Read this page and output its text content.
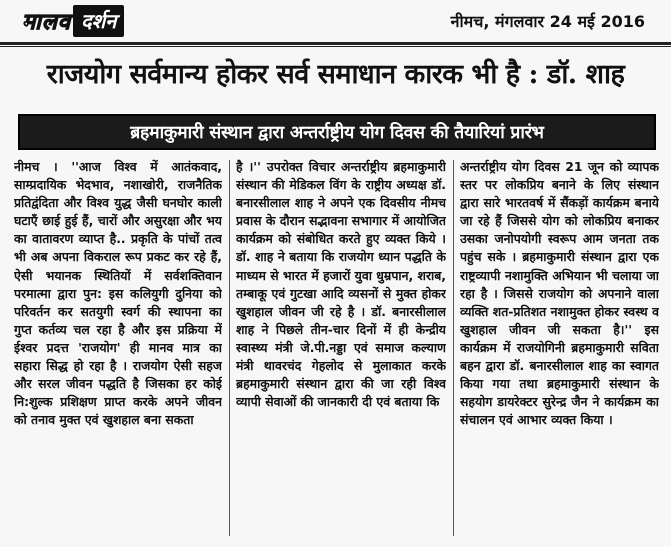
मालव दर्शन	नीमच, मंगलवार 24 मई 2016
राजयोग सर्वमान्य होकर सर्व समाधान कारक भी है : डॉ. शाह
ब्रहमाकुमारी संस्थान द्वारा अन्तर्राष्ट्रीय योग दिवस की तैयारियां प्रारंभ
नीमच । ''आज विश्व में आतंकवाद, साम्प्रदायिक भेदभाव, नशाखोरी, राजनैतिक प्रतिद्वंदिता और विश्व युद्ध जैसी घनघोर काली घटाएँ छाई हुई हैं, चारों और असुरक्षा और भय का वातावरण व्याप्त है.. प्रकृति के पांचों तत्व भी अब अपना विकराल रूप प्रकट कर रहे हैं, ऐसी भयानक स्थितियों में सर्वशक्तिवान परमात्मा द्वारा पुन: इस कलियुगी दुनिया को परिवर्तन कर सतयुगी स्वर्ग की स्थापना का गुप्त कर्तव्य चल रहा है और इस प्रक्रिया में ईश्वर प्रदत्त 'राजयोग' ही मानव मात्र का सहारा सिद्ध हो रहा है । राजयोग ऐसी सहज और सरल जीवन पद्धति है जिसका हर कोई नि:शुल्क प्रशिक्षण प्राप्त करके अपने जीवन को तनाव मुक्त एवं खुशहाल बना सकता
है ।'' उपरोक्त विचार अन्तर्राष्ट्रीय ब्रहमाकुमारी संस्थान की मेडिकल विंग के राष्ट्रीय अध्यक्ष डॉ. बनारसीलाल शाह ने अपने एक दिवसीय नीमच प्रवास के दौरान सद्भावना सभागार में आयोजित कार्यक्रम को संबोधित करते हुए व्यक्त किये । डॉ. शाह ने बताया कि राजयोग ध्यान पद्धति के माध्यम से भारत में हजारों युवा धुम्रपान, शराब, तम्बाकू एवं गुटखा आदि व्यसनों से मुक्त होकर खुशहाल जीवन जी रहे है । डॉ. बनारसीलाल शाह ने पिछले तीन-चार दिनों में ही केन्द्रीय स्वास्थ्य मंत्री जे.पी.नड्डा एवं समाज कल्याण मंत्री थावरचंद गेहलोद से मुलाकात करके ब्रहमाकुमारी संस्थान द्वारा की जा रही विश्व व्यापी सेवाओं की जानकारी दी एवं बताया कि
अन्तर्राष्ट्रीय योग दिवस 21 जून को व्यापक स्तर पर लोकप्रिय बनाने के लिए संस्थान द्वारा सारे भारतवर्ष में सैंकड़ों कार्यक्रम बनाये जा रहे हैं जिससे योग को लोकप्रिय बनाकर उसका जनोपयोगी स्वरूप आम जनता तक पहुंच सके । ब्रहमाकुमारी संस्थान द्वारा एक राष्ट्रव्यापी नशामुक्ति अभियान भी चलाया जा रहा है । जिससे राजयोग को अपनाने वाला व्यक्ति शत-प्रतिशत नशामुक्त होकर स्वस्थ व खुशहाल जीवन जी सकता है।'' इस कार्यक्रम में राजयोगिनी ब्रहमाकुमारी सविता बहन द्वारा डॉ. बनारसीलाल शाह का स्वागत किया गया तथा ब्रहमाकुमारी संस्थान के सहयोग डायरेक्टर सुरेन्द्र जैन ने कार्यक्रम का संचालन एवं आभार व्यक्त किया ।
